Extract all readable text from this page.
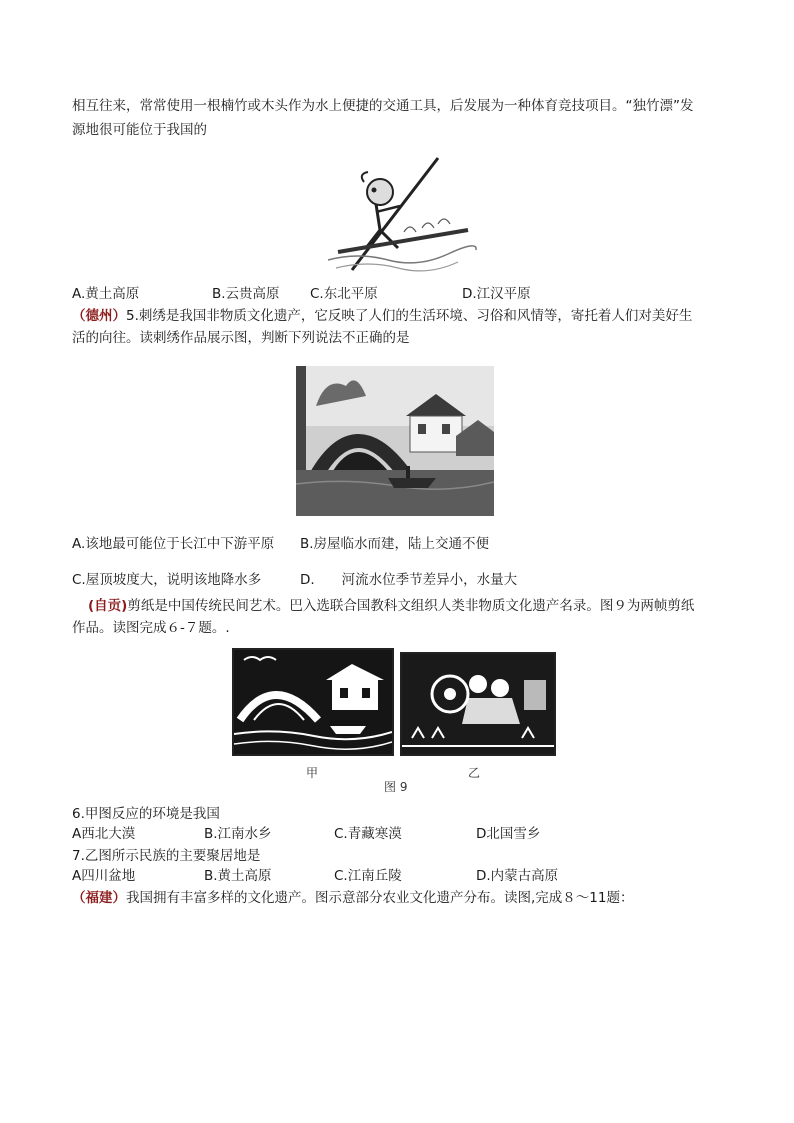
相互往来，常常使用一根楠竹或木头作为水上便捷的交通工具，后发展为一种体育竞技项目。“独竹漂”发
源地很可能位于我国的
A.黄土高原	B.云贵高原 C.东北平原	D.江汉平原
（德州）5.刺绣是我国非物质文化遗产，它反映了人们的生活环境、习俗和风情等，寄托着人们对美好生
活的向往。读刺绣作品展示图，判断下列说法不正确的是
A.该地最可能位于长江中下游平原 B.房屋临水而建，陆上交通不便
C.屋顶坡度大，说明该地降水多	D.　　河流水位季节差异小，水量大
(自贡)剪纸是中国传统民间艺术。巴入选联合国教科文组织人类非物质文化遗产名录。图９为两帧剪纸
作品。读图完成６-７题。.
甲
图 9
乙
6.甲图反应的环境是我国
A西北大漠	B.江南水乡	C.青藏寒漠	D北国雪乡
7.乙图所示民族的主要聚居地是
A四川盆地	B.黄土高原	C.江南丘陵	D.内蒙古高原
（福建）我国拥有丰富多样的文化遗产。图示意部分农业文化遗产分布。读图,完成８～11题：
